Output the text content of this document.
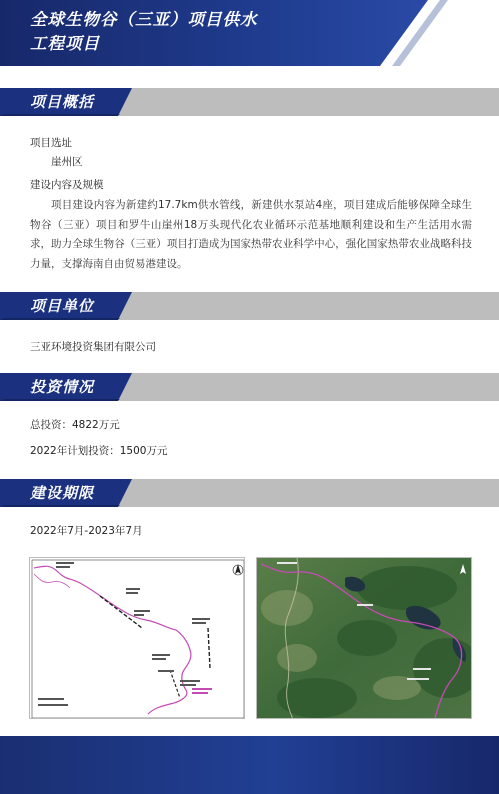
全球生物谷（三亚）项目供水
工程项目
项目概括
项目选址
崖州区
建设内容及规模
项目建设内容为新建约17.7km供水管线，新建供水泵站4座，项目建成后能够保障全球生物谷（三亚）项目和罗牛山崖州18万头现代化农业循环示范基地顺利建设和生产生活用水需求，助力全球生物谷（三亚）项目打造成为国家热带农业科学中心，强化国家热带农业战略科技力量，支撑海南自由贸易港建设。
项目单位
三亚环境投资集团有限公司
投资情况
总投资：4822万元
2022年计划投资：1500万元
建设期限
2022年7月-2023年7月
